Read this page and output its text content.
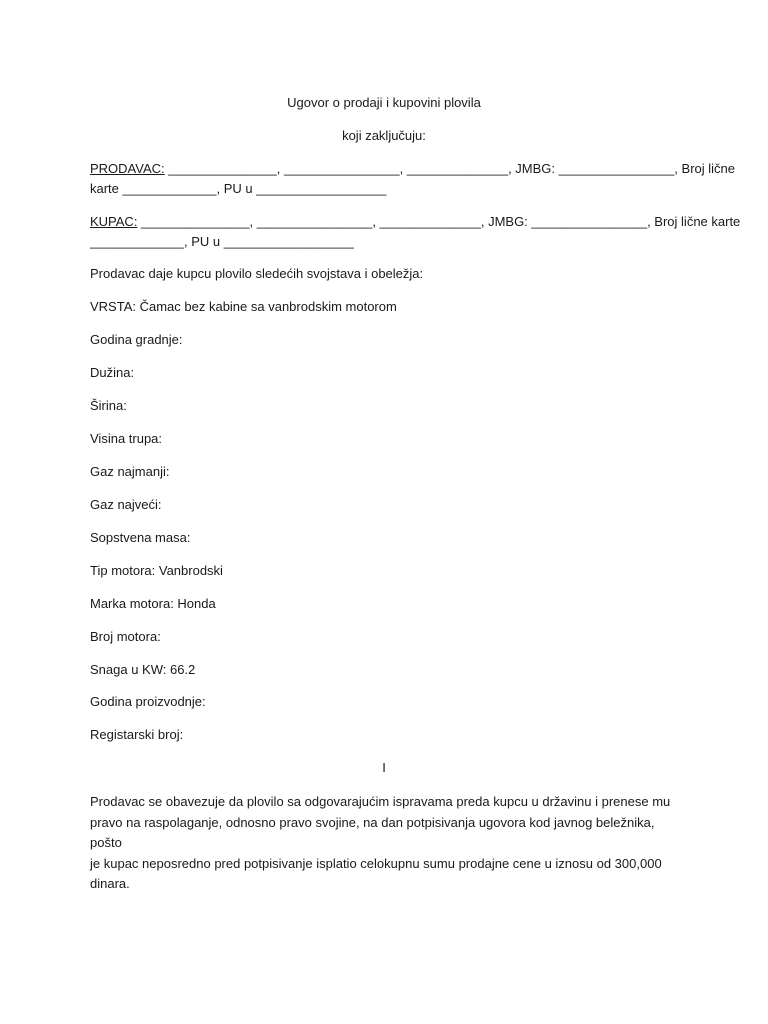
Ugovor o prodaji i kupovini plovila
koji zaključuju:
PRODAVAC: _______________, ________________, ______________, JMBG: ________________, Broj lične
karte _____________, PU u __________________
KUPAC: _______________, ________________, ______________, JMBG: ________________, Broj lične karte
_____________, PU u __________________
Prodavac daje kupcu plovilo sledećih svojstava i obeležja:
VRSTA: Čamac bez kabine sa vanbrodskim motorom
Godina gradnje:
Dužina:
Širina:
Visina trupa:
Gaz najmanji:
Gaz najveći:
Sopstvena masa:
Tip motora: Vanbrodski
Marka motora: Honda
Broj motora:
Snaga u KW: 66.2
Godina proizvodnje:
Registarski broj:
I
Prodavac se obavezuje da plovilo sa odgovarajućim ispravama preda kupcu u državinu i prenese mu
pravo na raspolaganje, odnosno pravo svojine, na dan potpisivanja ugovora kod javnog beležnika, pošto
je kupac neposredno pred potpisivanje isplatio celokupnu sumu prodajne cene u iznosu od 300,000
dinara.
